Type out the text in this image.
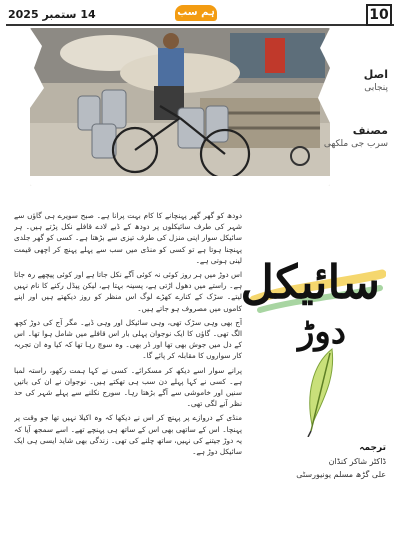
14 ستمبر 2025	ہم سب	10
اصل
پنجابی
مصنف
سرب جی ملکھی

دودھ کو گھر گھر پہنچانے کا کام بہت پرانا ہے۔ صبح سویرے ہی گاؤں سے شہر کی طرف سائیکلوں پر دودھ کے ڈبے لادے قافلے نکل پڑتے ہیں۔ ہر سائیکل سوار اپنی منزل کی طرف تیزی سے بڑھتا ہے۔ کسی کو گھر جلدی پہنچنا ہوتا ہے تو کسی کو منڈی میں سب سے پہلے پہنچ کر اچھی قیمت لینی ہوتی ہے۔

اس دوڑ میں ہر روز کوئی نہ کوئی آگے نکل جاتا ہے اور کوئی پیچھے رہ جاتا ہے۔ راستے میں دھول اڑتی ہے، پسینہ بہتا ہے، لیکن پیڈل رکنے کا نام نہیں لیتے۔ سڑک کے کنارے کھڑے لوگ اس منظر کو روز دیکھتے ہیں اور اپنے کاموں میں مصروف ہو جاتے ہیں۔

آج بھی وہی سڑک تھی، وہی سائیکل اور وہی ڈبے۔ مگر آج کی دوڑ کچھ الگ تھی۔ گاؤں کا ایک نوجوان پہلی بار اس قافلے میں شامل ہوا تھا۔ اس کے دل میں جوش بھی تھا اور ڈر بھی۔ وہ سوچ رہا تھا کہ کیا وہ ان تجربہ کار سواروں کا مقابلہ کر پائے گا۔

پرانے سوار اسے دیکھ کر مسکرائے۔ کسی نے کہا ہمت رکھو، راستہ لمبا ہے۔ کسی نے کہا پہلے دن سب ہی تھکتے ہیں۔ نوجوان نے ان کی باتیں سنیں اور خاموشی سے آگے بڑھتا رہا۔ سورج نکلنے سے پہلے شہر کی حد نظر آنے لگی تھی۔

منڈی کے دروازے پر پہنچ کر اس نے دیکھا کہ وہ اکیلا نہیں تھا جو وقت پر پہنچا۔ اس کے ساتھی بھی اس کے ساتھ ہی پہنچے تھے۔ اسے سمجھ آیا کہ یہ دوڑ جیتنے کی نہیں، ساتھ چلنے کی تھی۔ زندگی بھی شاید ایسی ہی ایک سائیکل دوڑ ہے۔

سائیکل
دوڑ
ترجمہ
ڈاکٹر شاکر کنڈان
علی گڑھ مسلم یونیورسٹی
